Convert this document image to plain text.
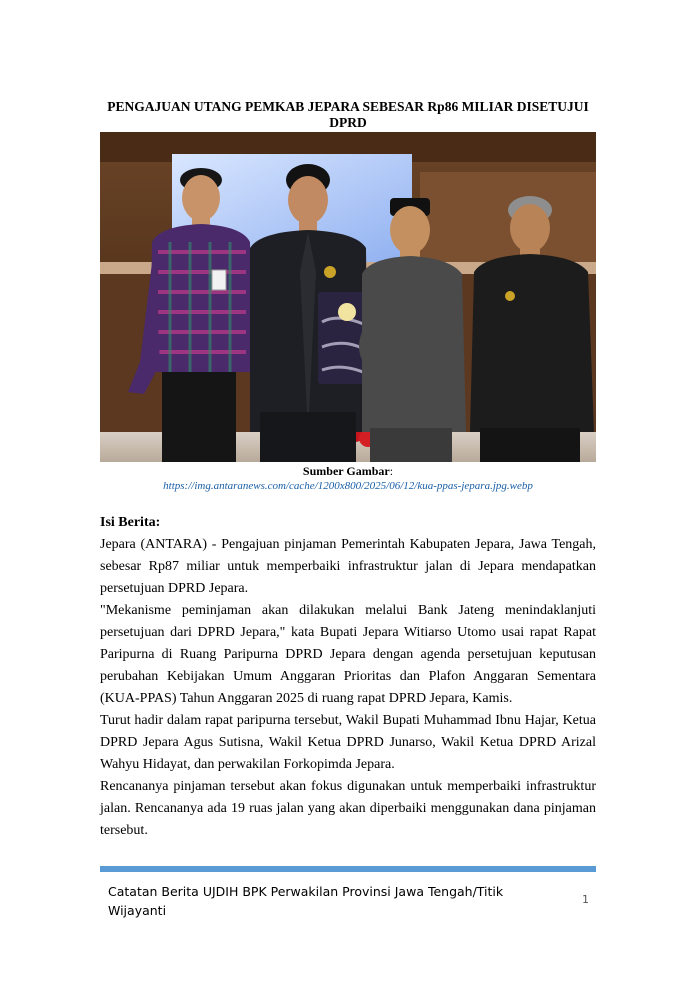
PENGAJUAN UTANG PEMKAB JEPARA SEBESAR Rp86 MILIAR DISETUJUI DPRD
Sumber Gambar:
https://img.antaranews.com/cache/1200x800/2025/06/12/kua-ppas-jepara.jpg.webp
Isi Berita:

Jepara (ANTARA) - Pengajuan pinjaman Pemerintah Kabupaten Jepara, Jawa Tengah, sebesar Rp87 miliar untuk memperbaiki infrastruktur jalan di Jepara mendapatkan persetujuan DPRD Jepara.

"Mekanisme peminjaman akan dilakukan melalui Bank Jateng menindaklanjuti persetujuan dari DPRD Jepara," kata Bupati Jepara Witiarso Utomo usai rapat Rapat Paripurna di Ruang Paripurna DPRD Jepara dengan agenda persetujuan keputusan perubahan Kebijakan Umum Anggaran Prioritas dan Plafon Anggaran Sementara (KUA-PPAS) Tahun Anggaran 2025 di ruang rapat DPRD Jepara, Kamis.

Turut hadir dalam rapat paripurna tersebut, Wakil Bupati Muhammad Ibnu Hajar, Ketua DPRD Jepara Agus Sutisna, Wakil Ketua DPRD Junarso, Wakil Ketua DPRD Arizal Wahyu Hidayat, dan perwakilan Forkopimda Jepara.

Rencananya pinjaman tersebut akan fokus digunakan untuk memperbaiki infrastruktur jalan. Rencananya ada 19 ruas jalan yang akan diperbaiki menggunakan dana pinjaman tersebut.

Catatan Berita UJDIH BPK Perwakilan Provinsi Jawa Tengah/Titik Wijayanti
1
